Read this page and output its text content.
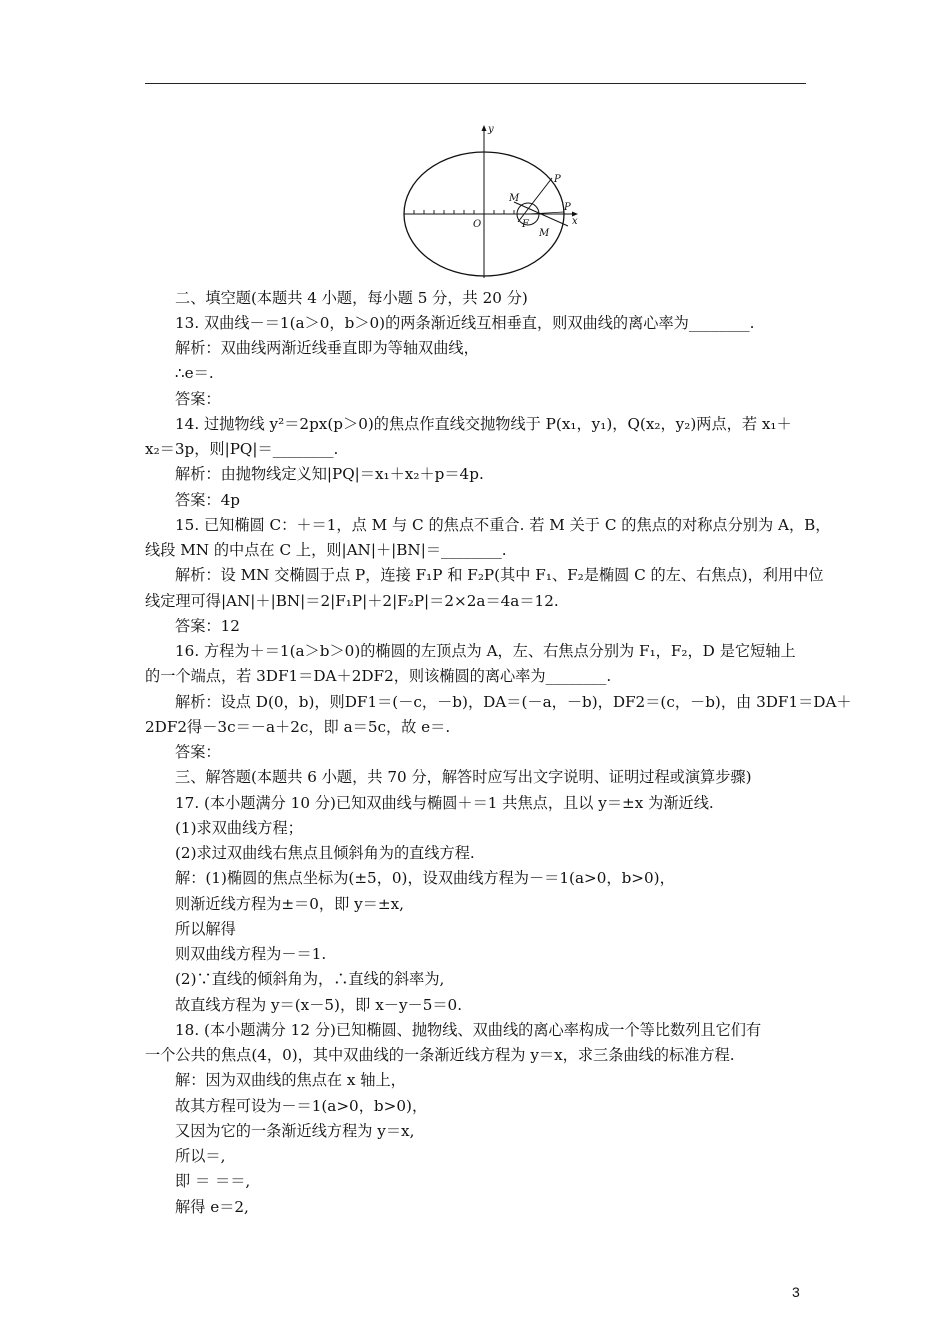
y
x
P
P
M
M
O	F
二、填空题(本题共 4 小题，每小题 5 分，共 20 分)
13. 双曲线－＝1(a＞0，b＞0)的两条渐近线互相垂直，则双曲线的离心率为________.
解析：双曲线两渐近线垂直即为等轴双曲线，
∴e＝.
答案：
14. 过抛物线 y²＝2px(p＞0)的焦点作直线交抛物线于 P(x₁，y₁)，Q(x₂，y₂)两点，若 x₁＋
x₂＝3p，则|PQ|＝________.
解析：由抛物线定义知|PQ|＝x₁＋x₂＋p＝4p.
答案：4p
15. 已知椭圆 C：＋＝1，点 M 与 C 的焦点不重合. 若 M 关于 C 的焦点的对称点分别为 A，B，
线段 MN 的中点在 C 上，则|AN|＋|BN|＝________.
解析：设 MN 交椭圆于点 P，连接 F₁P 和 F₂P(其中 F₁、F₂是椭圆 C 的左、右焦点)，利用中位
线定理可得|AN|＋|BN|＝2|F₁P|＋2|F₂P|＝2×2a＝4a＝12.
答案：12
16. 方程为＋＝1(a＞b＞0)的椭圆的左顶点为 A，左、右焦点分别为 F₁，F₂，D 是它短轴上
的一个端点，若 3DF1＝DA＋2DF2，则该椭圆的离心率为________.
解析：设点 D(0，b)，则DF1＝(－c，－b)，DA＝(－a，－b)，DF2＝(c，－b)，由 3DF1＝DA＋
2DF2得－3c＝－a＋2c，即 a＝5c，故 e＝.
答案：
三、解答题(本题共 6 小题，共 70 分，解答时应写出文字说明、证明过程或演算步骤)
17. (本小题满分 10 分)已知双曲线与椭圆＋＝1 共焦点，且以 y＝±x 为渐近线.
(1)求双曲线方程；
(2)求过双曲线右焦点且倾斜角为的直线方程.
解：(1)椭圆的焦点坐标为(±5，0)，设双曲线方程为－＝1(a>0，b>0)，
则渐近线方程为±＝0，即 y＝±x,
所以解得
则双曲线方程为－＝1.
(2)∵直线的倾斜角为，∴直线的斜率为,
故直线方程为 y＝(x－5)，即 x－y－5＝0.
18. (本小题满分 12 分)已知椭圆、抛物线、双曲线的离心率构成一个等比数列且它们有
一个公共的焦点(4，0)，其中双曲线的一条渐近线方程为 y＝x，求三条曲线的标准方程.
解：因为双曲线的焦点在 x 轴上，
故其方程可设为－＝1(a>0，b>0)，
又因为它的一条渐近线方程为 y＝x,
所以＝,
即 ＝ ＝＝,
解得 e＝2,
3
